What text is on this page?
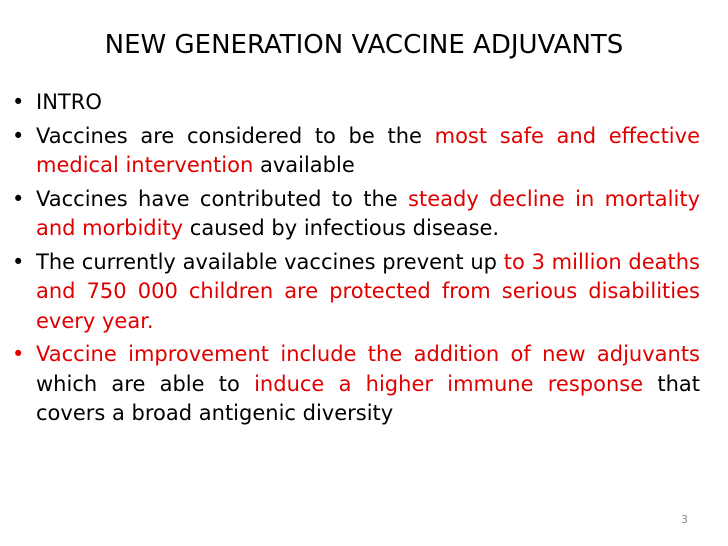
NEW GENERATION VACCINE ADJUVANTS
• INTRO
• Vaccines are considered to be the most safe and effective medical intervention available
• Vaccines have contributed to the steady decline in mortality and morbidity caused by infectious disease.
• The currently available vaccines prevent up to 3 million deaths and 750 000 children are protected from serious disabilities every year.
• Vaccine improvement include the addition of new adjuvants which are able to induce a higher immune response that covers a broad antigenic diversity

3
